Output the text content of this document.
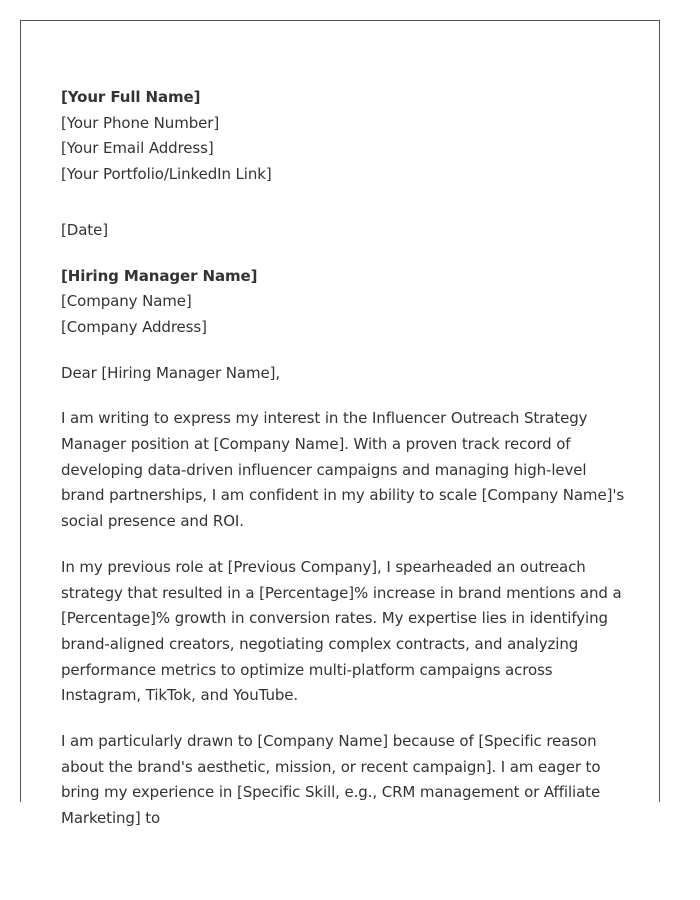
[Your Full Name]
[Your Phone Number]
[Your Email Address]
[Your Portfolio/LinkedIn Link]
[Date]
[Hiring Manager Name]
[Company Name]
[Company Address]

Dear [Hiring Manager Name],

I am writing to express my interest in the Influencer Outreach Strategy Manager position at [Company Name]. With a proven track record of developing data-driven influencer campaigns and managing high-level brand partnerships, I am confident in my ability to scale [Company Name]'s social presence and ROI.

In my previous role at [Previous Company], I spearheaded an outreach strategy that resulted in a [Percentage]% increase in brand mentions and a [Percentage]% growth in conversion rates. My expertise lies in identifying brand-aligned creators, negotiating complex contracts, and analyzing performance metrics to optimize multi-platform campaigns across Instagram, TikTok, and YouTube.

I am particularly drawn to [Company Name] because of [Specific reason about the brand's aesthetic, mission, or recent campaign]. I am eager to bring my experience in [Specific Skill, e.g., CRM management or Affiliate Marketing] to
